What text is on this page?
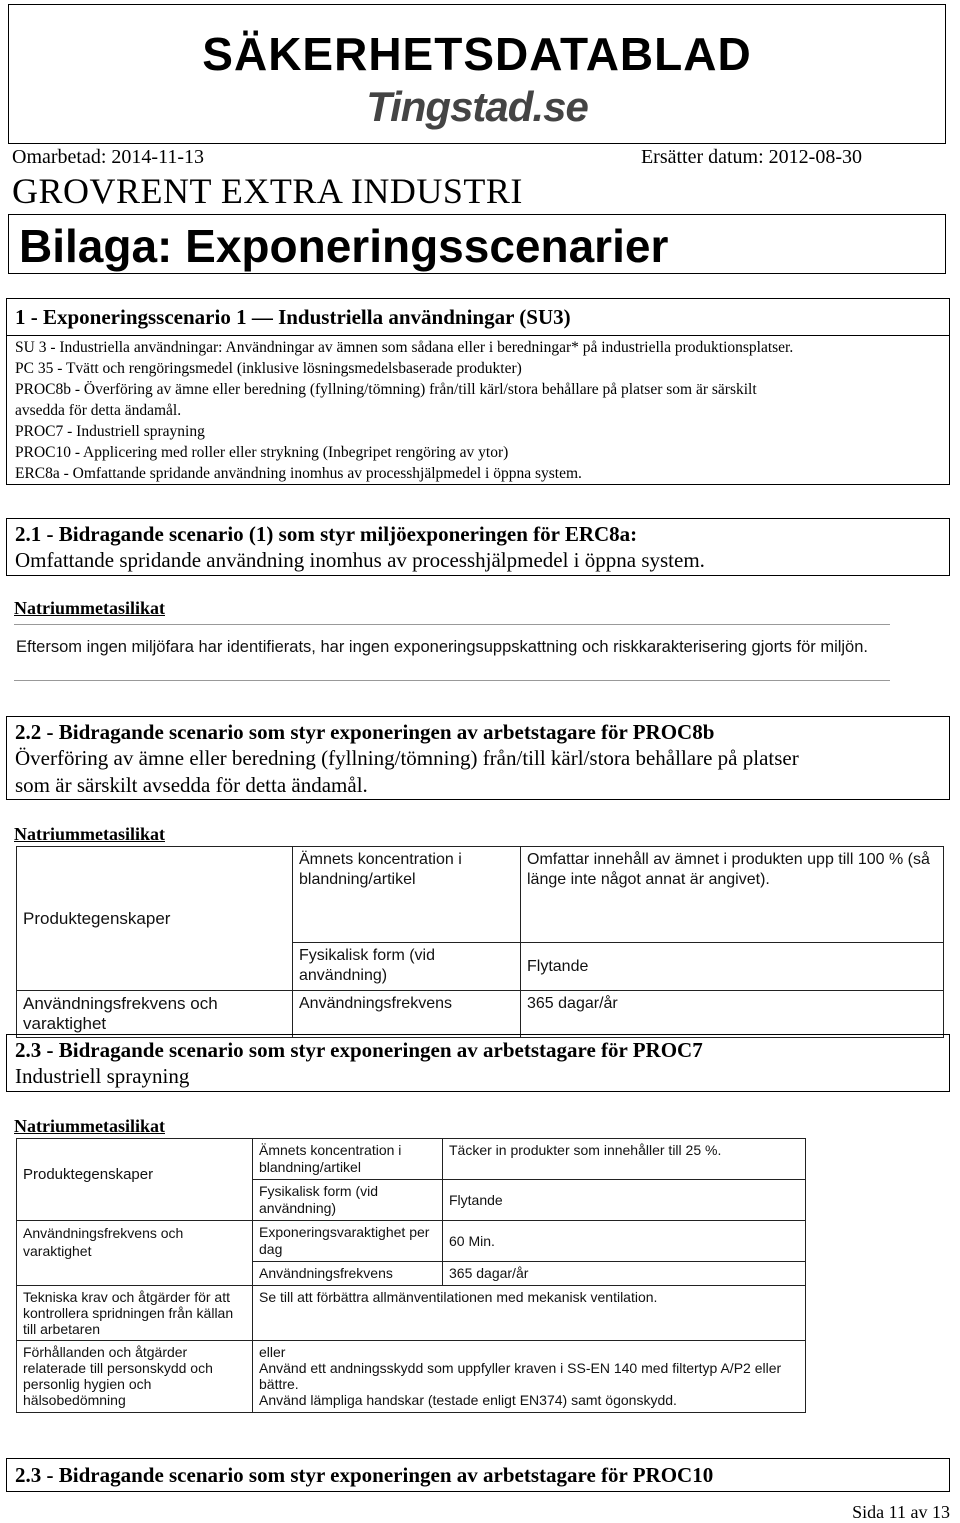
SÄKERHETSDATABLAD
Tingstad.se
Omarbetad: 2014-11-13	Ersätter datum: 2012-08-30
GROVRENT EXTRA INDUSTRI
Bilaga: Exponeringsscenarier
1 - Exponeringsscenario 1 — Industriella användningar (SU3)
SU 3 - Industriella användningar: Användningar av ämnen som sådana eller i beredningar* på industriella produktionsplatser.
PC 35 - Tvätt och rengöringsmedel (inklusive lösningsmedelsbaserade produkter)
PROC8b - Överföring av ämne eller beredning (fyllning/tömning) från/till kärl/stora behållare på platser som är särskilt
avsedda för detta ändamål.
PROC7 - Industriell sprayning
PROC10 - Applicering med roller eller strykning (Inbegripet rengöring av ytor)
ERC8a - Omfattande spridande användning inomhus av processhjälpmedel i öppna system.
2.1 - Bidragande scenario (1) som styr miljöexponeringen för ERC8a:
Omfattande spridande användning inomhus av processhjälpmedel i öppna system.
Natriummetasilikat
Eftersom ingen miljöfara har identifierats, har ingen exponeringsuppskattning och riskkarakterisering gjorts för miljön.
2.2 - Bidragande scenario som styr exponeringen av arbetstagare för PROC8b
Överföring av ämne eller beredning (fyllning/tömning) från/till kärl/stora behållare på platser
som är särskilt avsedda för detta ändamål.
Natriummetasilikat
Produktegenskaper	Ämnets koncentration i blandning/artikel	Omfattar innehåll av ämnet i produkten upp till 100 % (så länge inte något annat är angivet).
	Fysikalisk form (vid användning)	Flytande
Användningsfrekvens och varaktighet	Användningsfrekvens	365 dagar/år
2.3 - Bidragande scenario som styr exponeringen av arbetstagare för PROC7
Industriell sprayning
Natriummetasilikat
Produktegenskaper	Ämnets koncentration i blandning/artikel	Täcker in produkter som innehåller till 25 %.
	Fysikalisk form (vid användning)	Flytande
Användningsfrekvens och varaktighet	Exponeringsvaraktighet per dag	60 Min.
	Användningsfrekvens	365 dagar/år
Tekniska krav och åtgärder för att kontrollera spridningen från källan till arbetaren	Se till att förbättra allmänventilationen med mekanisk ventilation.	
Förhållanden och åtgärder relaterade till personskydd och personlig hygien och hälsobedömning	eller
Använd ett andningsskydd som uppfyller kraven i SS-EN 140 med filtertyp A/P2 eller bättre.
Använd lämpliga handskar (testade enligt EN374) samt ögonskydd.	
2.3 - Bidragande scenario som styr exponeringen av arbetstagare för PROC10
Sida 11 av 13
